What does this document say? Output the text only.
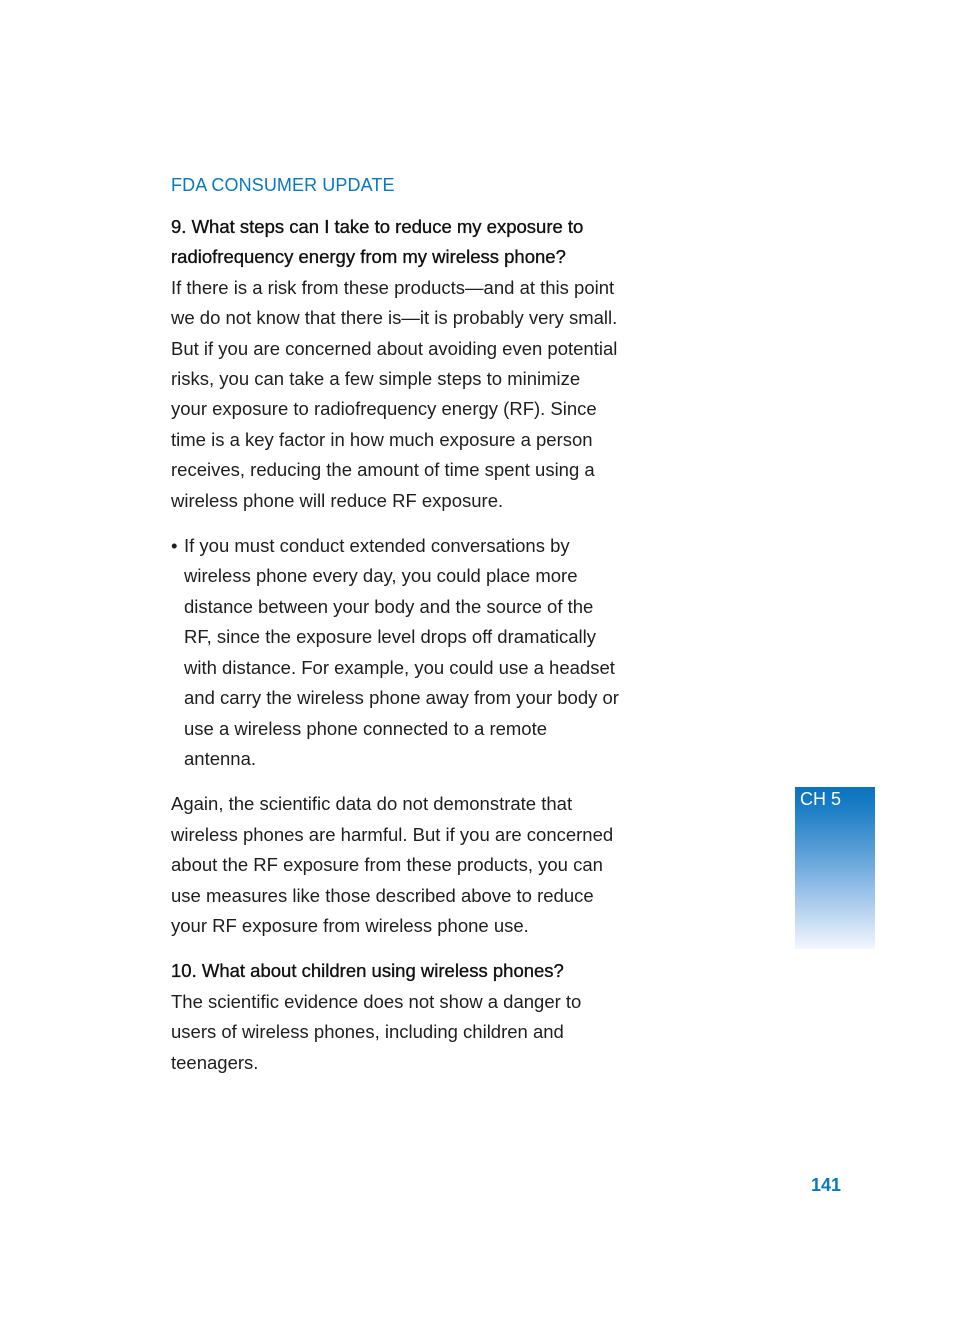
FDA CONSUMER UPDATE

9. What steps can I take to reduce my exposure to radiofrequency energy from my wireless phone?

If there is a risk from these products—and at this point we do not know that there is—it is probably very small. But if you are concerned about avoiding even potential risks, you can take a few simple steps to minimize your exposure to radiofrequency energy (RF). Since time is a key factor in how much exposure a person receives, reducing the amount of time spent using a wireless phone will reduce RF exposure.

• If you must conduct extended conversations by wireless phone every day, you could place more distance between your body and the source of the RF, since the exposure level drops off dramatically with distance. For example, you could use a headset and carry the wireless phone away from your body or use a wireless phone connected to a remote antenna.

Again, the scientific data do not demonstrate that wireless phones are harmful. But if you are concerned about the RF exposure from these products, you can use measures like those described above to reduce your RF exposure from wireless phone use.

10. What about children using wireless phones?

The scientific evidence does not show a danger to users of wireless phones, including children and teenagers.

CH 5
141
